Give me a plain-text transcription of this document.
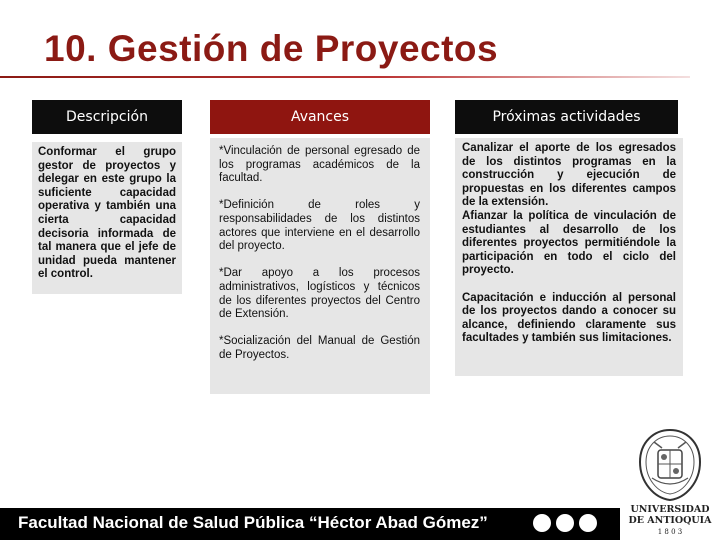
10. Gestión de Proyectos
Descripción

Conformar el grupo gestor de proyectos y delegar en este grupo la suficiente capacidad operativa y también una cierta capacidad decisoria informada de tal manera que el jefe de unidad pueda mantener el control.

Avances

*Vinculación de personal egresado de los programas académicos de la facultad.

*Definición de roles y responsabilidades de los distintos actores que interviene en el desarrollo del proyecto.

*Dar apoyo a los procesos administrativos, logísticos y técnicos de los diferentes proyectos del Centro de Extensión.

*Socialización del Manual de Gestión de Proyectos.

Próximas actividades

Canalizar el aporte de los egresados de los distintos programas en la construcción y ejecución de propuestas en los diferentes campos de la extensión.

Afianzar la política de vinculación de estudiantes al desarrollo de los diferentes proyectos permitiéndole la participación en todo el ciclo del proyecto.

Capacitación e inducción al personal de los proyectos dando a conocer su alcance, definiendo claramente sus facultades y también sus limitaciones.

Facultad Nacional de Salud Pública “Héctor Abad Gómez”
UNIVERSIDAD
DE ANTIOQUIA
1 8 0 3
